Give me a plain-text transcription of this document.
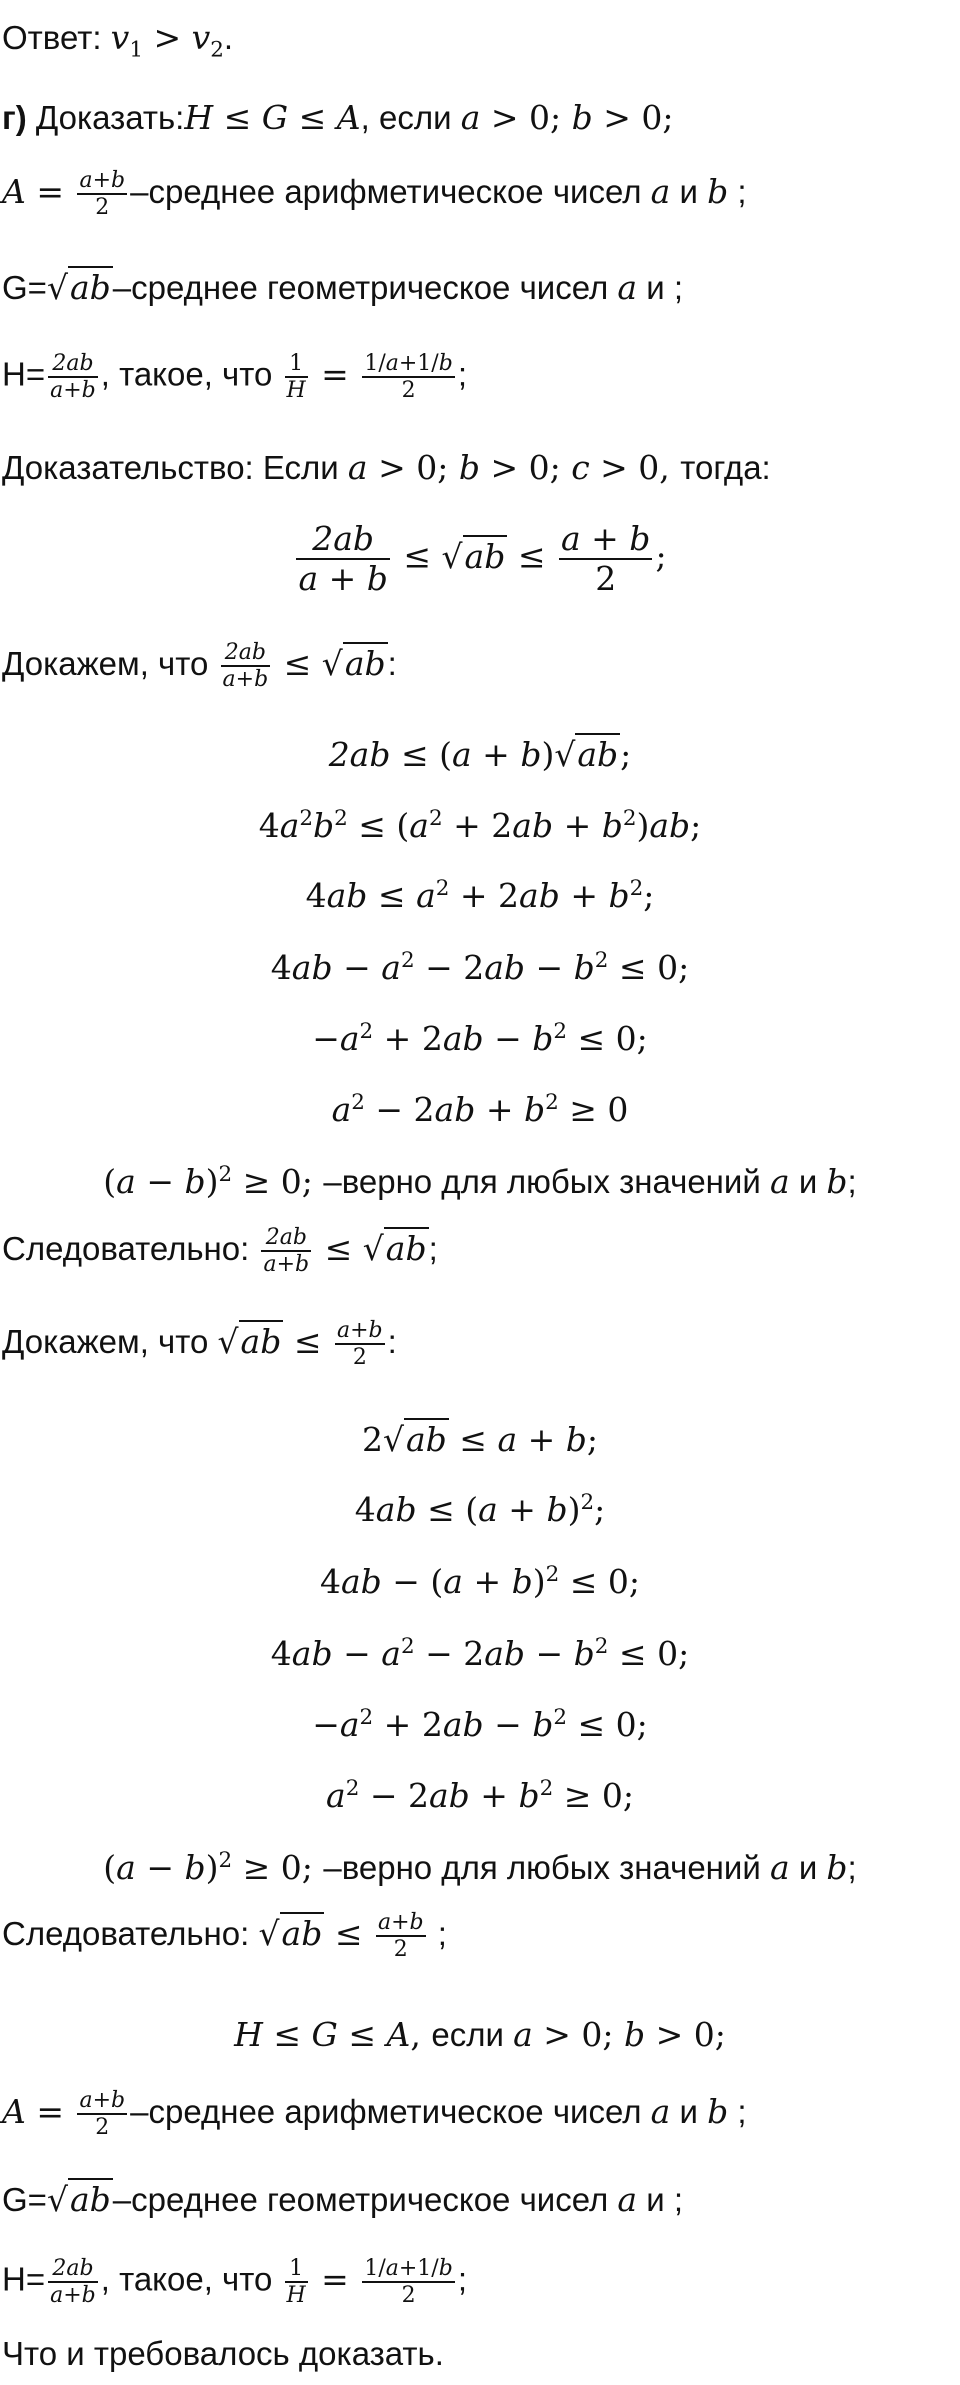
Ответ: $v_1 > v_2$.
г) Доказать:H ≤ G ≤ A, если a > 0; b > 0;
$A = \frac{a+b}{2}$ –среднее арифметическое чисел a и b ;
G=√ab–среднее геометрическое чисел a и ;
$H= \frac{2ab}{a+b}$ , такое, что $\frac{1}{H} = \frac{1/a+1/b}{2}$ ;
Доказательство: Если a > 0; b > 0; c > 0, тогда:
$\frac{2ab}{a + b} \le √ab \le \frac{a + b}{2}$ ;
Докажем, что $\frac{2ab}{a+b} \le √ab$:
2ab ≤ (a + b)√ab;
$4a^2b^2 \le (a^2 + 2ab + b^2)ab$;
$4ab \le a^2 + 2ab + b^2$;
$4ab - a^2 - 2ab - b^2 \le 0$;
$-a^2 + 2ab - b^2 \le 0$;
$a^2 - 2ab + b^2 \ge 0$
$(a - b)^2 \ge 0$; –верно для любых значений a и b;
Следовательно: $\frac{2ab}{a+b} \le √ab$;
Докажем, что $√ab \le \frac{a+b}{2}$ :
2√ab ≤ a + b;
$4ab \le (a + b)^2$;
$4ab - (a + b)^2 \le 0$;
$4ab - a^2 - 2ab - b^2 \le 0$;
$-a^2 + 2ab - b^2 \le 0$;
$a^2 - 2ab + b^2 \ge 0$;
$(a - b)^2 \ge 0$; –верно для любых значений a и b;
Следовательно: $√ab \le \frac{a+b}{2}$ ;
H ≤ G ≤ A, если a > 0; b > 0;
$A = \frac{a+b}{2}$ –среднее арифметическое чисел a и b ;
G=√ab–среднее геометрическое чисел a и ;
$H= \frac{2ab}{a+b}$ , такое, что $\frac{1}{H} = \frac{1/a+1/b}{2}$ ;
Что и требовалось доказать.
